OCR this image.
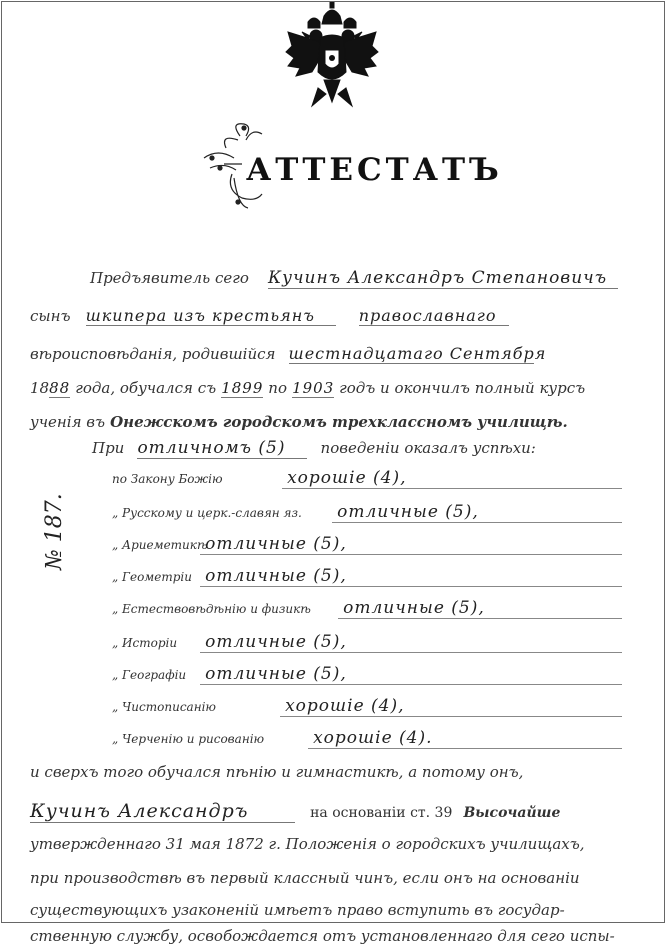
АТТЕСТАТЪ
Предъявитель сего Кучинъ Александръ Степановичъ
сынъ шкипера изъ крестьянъ	православнаго
вѣроисповѣданія, родившійся шестнадцатаго Сентября
1888 года, обучался съ 1899 по 1903 годъ и окончилъ полный курсъ
ученія въ Онежскомъ городскомъ трехклассномъ училищѣ.
При отличномъ (5) поведеніи оказалъ успѣхи:
по Закону Божію	хорошіе (4),
„ Русскому и церк.-славян яз. отличные (5),
„ Ариеметикѣ отличные (5),
„ Геометріи отличные (5),
„ Естествовѣдѣнію и физикѣ отличные (5),
„ Исторіи отличные (5),
„ Географіи отличные (5),
„ Чистописанію	хорошіе (4),
„ Черченію и рисованію	хорошіе (4).
№ 187.
и сверхъ того обучался пѣнію и гимнастикѣ, а потому онъ,
Кучинъ Александръ	на основаніи ст. 39 Высочайше
утвержденнаго 31 мая 1872 г. Положенія о городскихъ училищахъ,
при производствѣ въ первый классный чинъ, если онъ на основаніи
существующихъ узаконеній имѣетъ право вступить въ государ-
ственную службу, освобождается отъ установленнаго для сего испы-
